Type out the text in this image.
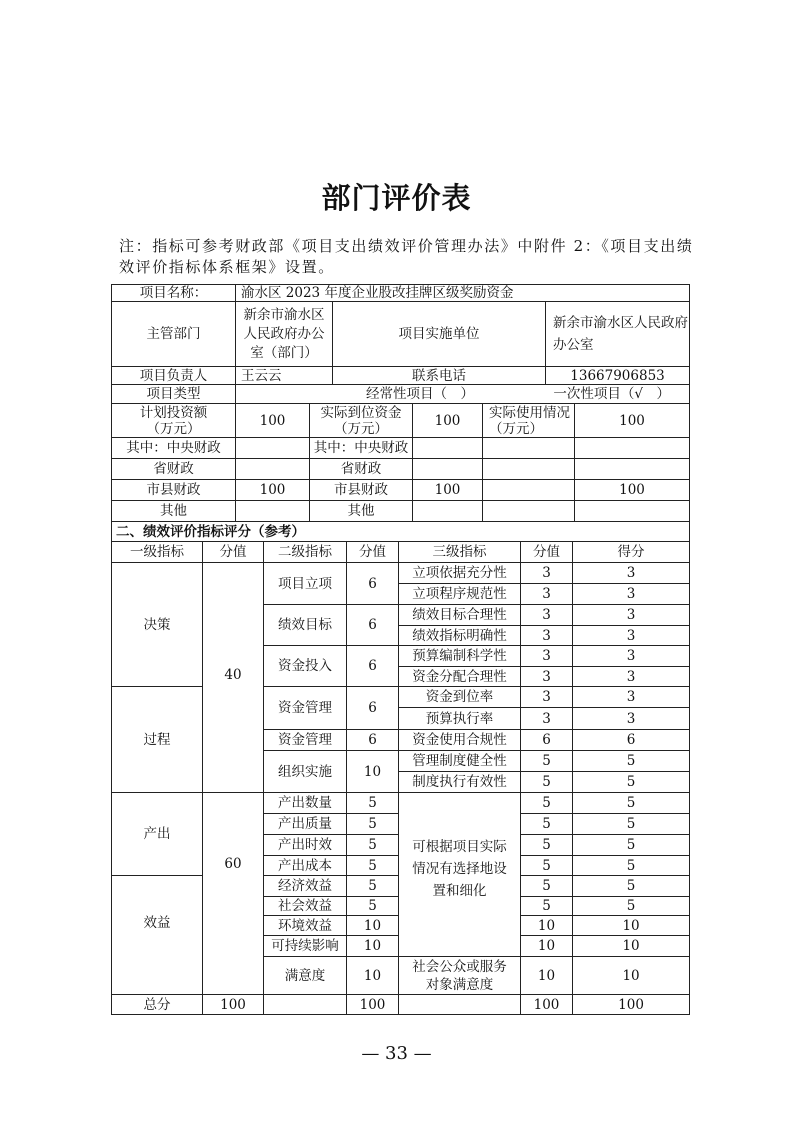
部门评价表
注：指标可参考财政部《项目支出绩效评价管理办法》中附件 2：《项目支出绩效评价指标体系框架》设置。
项目名称：	渝水区 2023 年度企业股改挂牌区级奖励资金		
主管部门	新余市渝水区人民政府办公室（部门）	项目实施单位	新余市渝水区人民政府办公室
项目负责人	王云云	联系电话	13667906853
项目类型	经常性项目（　） 一次性项目（√　）		
计划投资额（万元）	100	实际到位资金（万元）	100	实际使用情况（万元）	100
其中：中央财政		其中：中央财政			
省财政		省财政			
市县财政	100	市县财政	100		100
其他		其他			
二、绩效评价指标评分（参考）						
一级指标	分值	二级指标	分值	三级指标	分值	得分
决策	40	项目立项	6	立项依据充分性	3	3
				立项程序规范性	3	3
		绩效目标	6	绩效目标合理性	3	3
				绩效指标明确性	3	3
		资金投入	6	预算编制科学性	3	3
				资金分配合理性	3	3
过程		资金管理	6	资金到位率	3	3
				预算执行率	3	3
		资金管理	6	资金使用合规性	6	6
		组织实施	10	管理制度健全性	5	5
				制度执行有效性	5	5
产出	60	产出数量	5	可根据项目实际情况有选择地设置和细化	5	5
		产出质量	5		5	5
		产出时效	5		5	5
		产出成本	5		5	5
效益		经济效益	5		5	5
		社会效益	5		5	5
		环境效益	10		10	10
		可持续影响	10		10	10
		满意度	10	社会公众或服务对象满意度	10	10
总分	100		100		100	100
— 33 —
